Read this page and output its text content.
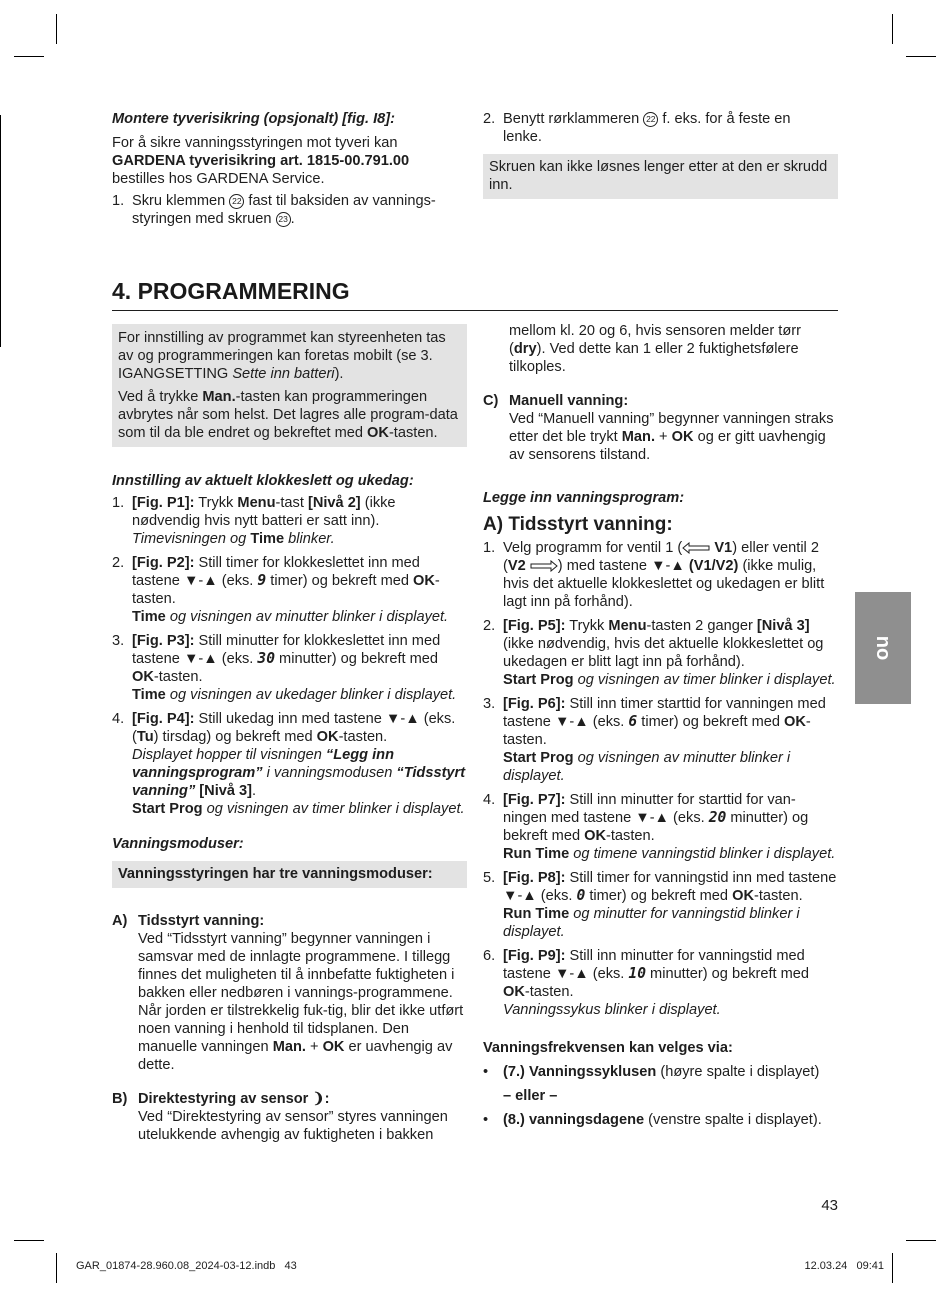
Montere tyverisikring (opsjonalt) [fig. I8]:

For å sikre vanningsstyringen mot tyveri kan
GARDENA tyverisikring art. 1815-00.791.00
bestilles hos GARDENA Service.

1. Skru klemmen 22 fast til baksiden av vannings-
styringen med skruen 23 .
2. Benytt rørklammeren 22 f. eks. for å feste en
lenke.

Skruen kan ikke løsnes lenger etter at den er skrudd inn.

4. PROGRAMMERING

For innstilling av programmet kan styreenheten tas av og programmeringen kan foretas mobilt (se 3. IGANGSETTING Sette inn batteri).

Ved å trykke Man.-tasten kan programmeringen avbrytes når som helst. Det lagres alle program-data som til da ble endret og bekreftet med OK-tasten.

Innstilling av aktuelt klokkeslett og ukedag:

1. [Fig. P1]: Trykk Menu-tast [Nivå 2] (ikke nødvendig hvis nytt batteri er satt inn).
Timevisningen og Time blinker.
2. [Fig. P2]: Still timer for klokkeslettet inn med tastene ▼-▲ (eks. 9 timer) og bekreft med OK-tasten.
Time og visningen av minutter blinker i displayet.
3. [Fig. P3]: Still minutter for klokkeslettet inn med tastene ▼-▲ (eks. 30 minutter) og bekreft med OK-tasten.
Time og visningen av ukedager blinker i displayet.
4. [Fig. P4]: Still ukedag inn med tastene ▼-▲ (eks. (Tu) tirsdag) og bekreft med OK-tasten.
Displayet hopper til visningen “Legg inn vanningsprogram” i vanningsmodusen “Tidsstyrt vanning” [Nivå 3].
Start Prog og visningen av timer blinker i displayet.

Vanningsmoduser:

Vanningsstyringen har tre vanningsmoduser:
A) Tidsstyrt vanning:
Ved “Tidsstyrt vanning” begynner vanningen i samsvar med de innlagte programmene. I tillegg finnes det muligheten til å innbefatte fuktigheten i bakken eller nedbøren i vannings-programmene. Når jorden er tilstrekkelig fuk-tig, blir det ikke utført noen vanning i henhold til tidsplanen. Den manuelle vanningen Man. + OK er uavhengig av dette.
B) Direktestyring av sensor ❩:
Ved “Direktestyring av sensor” styres vanningen utelukkende avhengig av fuktigheten i bakken
mellom kl. 20 og 6, hvis sensoren melder tørr (dry). Ved dette kan 1 eller 2 fuktighetsfølere tilkoples.
C) Manuell vanning:
Ved “Manuell vanning” begynner vanningen straks etter det ble trykt Man. + OK og er gitt uavhengig av sensorens tilstand.

Legge inn vanningsprogram:

A) Tidsstyrt vanning:

1. Velg programm for ventil 1 ( V1) eller ventil 2 (V2 ) med tastene ▼-▲ (V1/V2) (ikke mulig, hvis det aktuelle klokkeslettet og ukedagen er blitt lagt inn på forhånd).
2. [Fig. P5]: Trykk Menu-tasten 2 ganger [Nivå 3] (ikke nødvendig, hvis det aktuelle klokkeslettet og ukedagen er blitt lagt inn på forhånd).
Start Prog og visningen av timer blinker i displayet.
3. [Fig. P6]: Still inn timer starttid for vanningen med tastene ▼-▲ (eks. 6 timer) og bekreft med OK-tasten.
Start Prog og visningen av minutter blinker i displayet.
4. [Fig. P7]: Still inn minutter for starttid for van-ningen med tastene ▼-▲ (eks. 20 minutter) og bekreft med OK-tasten.
Run Time og timene vanningstid blinker i displayet.
5. [Fig. P8]: Still timer for vanningstid inn med tastene ▼-▲ (eks. 0 timer) og bekreft med OK-tasten.
Run Time og minutter for vanningstid blinker i displayet.
6. [Fig. P9]: Still inn minutter for vanningstid med tastene ▼-▲ (eks. 10 minutter) og bekreft med OK-tasten.
Vanningssykus blinker i displayet.

Vanningsfrekvensen kan velges via:

• (7.) Vanningssyklusen (høyre spalte i displayet)

– eller –

• (8.) vanningsdagene (venstre spalte i displayet).
no
43
GAR_01874-28.960.08_2024-03-12.indb   43	12.03.24   09:41
